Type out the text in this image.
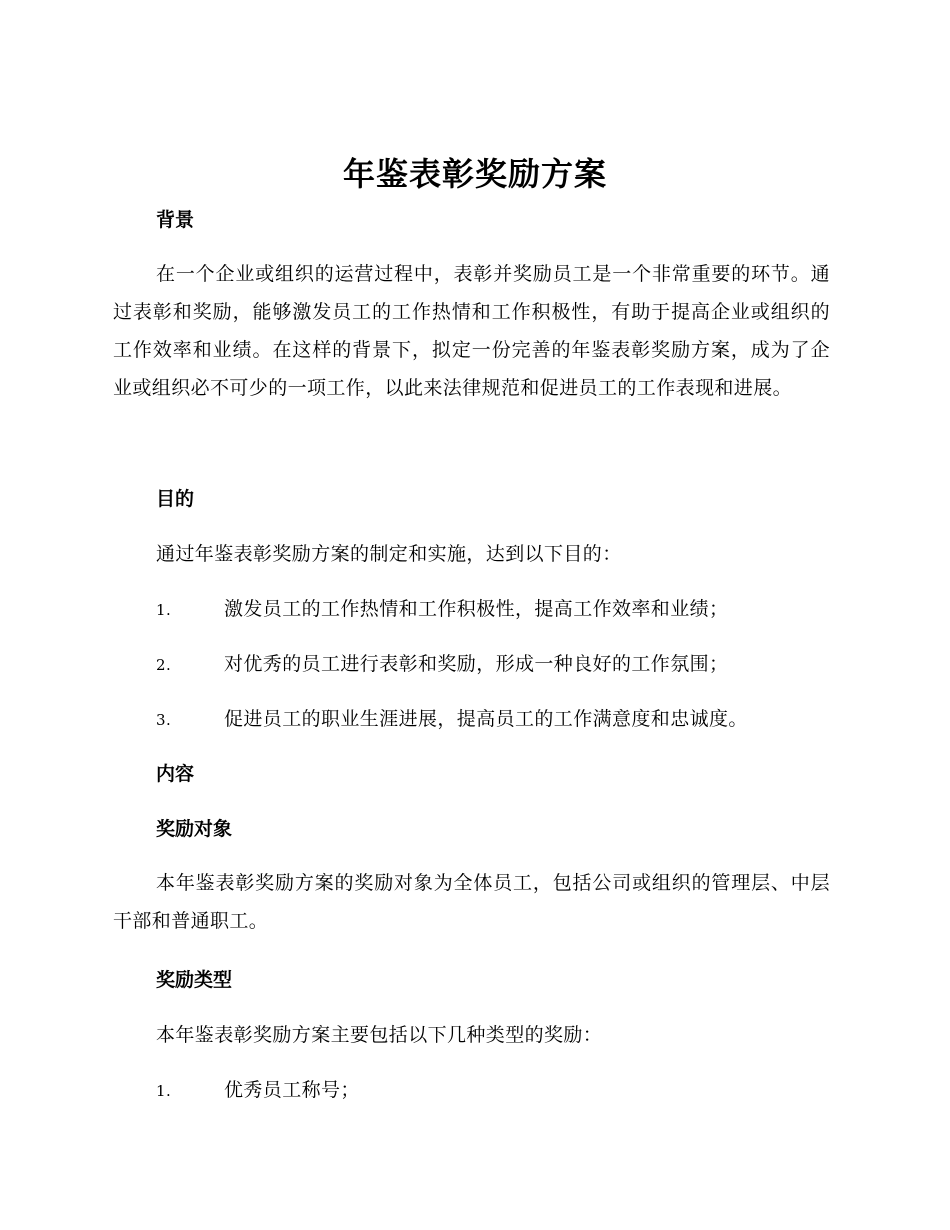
年鉴表彰奖励方案
背景
在一个企业或组织的运营过程中，表彰并奖励员工是一个非常重要的环节。通过表彰和奖励，能够激发员工的工作热情和工作积极性，有助于提高企业或组织的工作效率和业绩。在这样的背景下，拟定一份完善的年鉴表彰奖励方案，成为了企业或组织必不可少的一项工作，以此来法律规范和促进员工的工作表现和进展。
目的
通过年鉴表彰奖励方案的制定和实施，达到以下目的：
1.	激发员工的工作热情和工作积极性，提高工作效率和业绩；
2.	对优秀的员工进行表彰和奖励，形成一种良好的工作氛围；
3.	促进员工的职业生涯进展，提高员工的工作满意度和忠诚度。
内容
奖励对象
本年鉴表彰奖励方案的奖励对象为全体员工，包括公司或组织的管理层、中层干部和普通职工。
奖励类型
本年鉴表彰奖励方案主要包括以下几种类型的奖励：
1.	优秀员工称号；
